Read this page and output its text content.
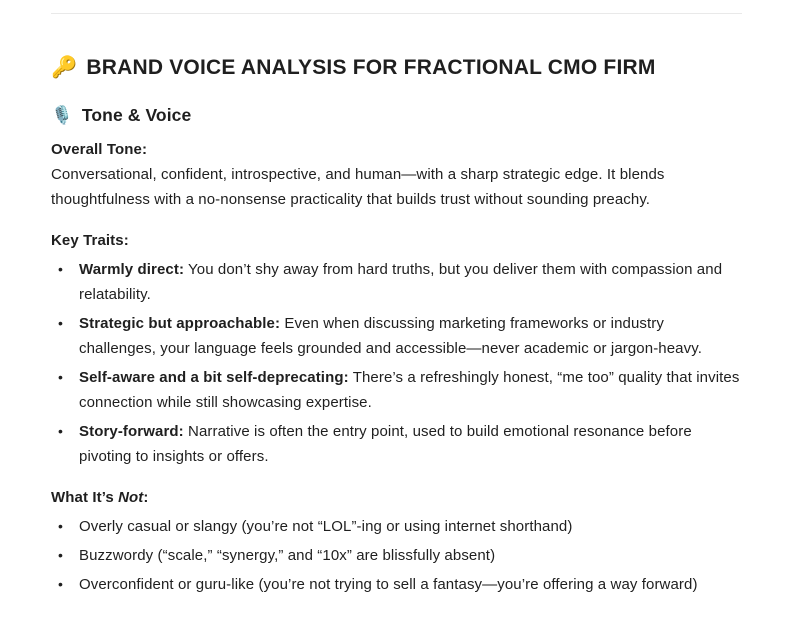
🔑 BRAND VOICE ANALYSIS FOR FRACTIONAL CMO FIRM
🎙️ Tone & Voice

Overall Tone:
Conversational, confident, introspective, and human—with a sharp strategic edge. It blends thoughtfulness with a no-nonsense practicality that builds trust without sounding preachy.

Key Traits:

• Warmly direct: You don’t shy away from hard truths, but you deliver them with compassion and relatability.
• Strategic but approachable: Even when discussing marketing frameworks or industry challenges, your language feels grounded and accessible—never academic or jargon-heavy.
• Self-aware and a bit self-deprecating: There’s a refreshingly honest, “me too” quality that invites connection while still showcasing expertise.
• Story-forward: Narrative is often the entry point, used to build emotional resonance before pivoting to insights or offers.

What It’s Not:

• Overly casual or slangy (you’re not “LOL”-ing or using internet shorthand)
• Buzzwordy (“scale,” “synergy,” and “10x” are blissfully absent)
• Overconfident or guru-like (you’re not trying to sell a fantasy—you’re offering a way forward)
